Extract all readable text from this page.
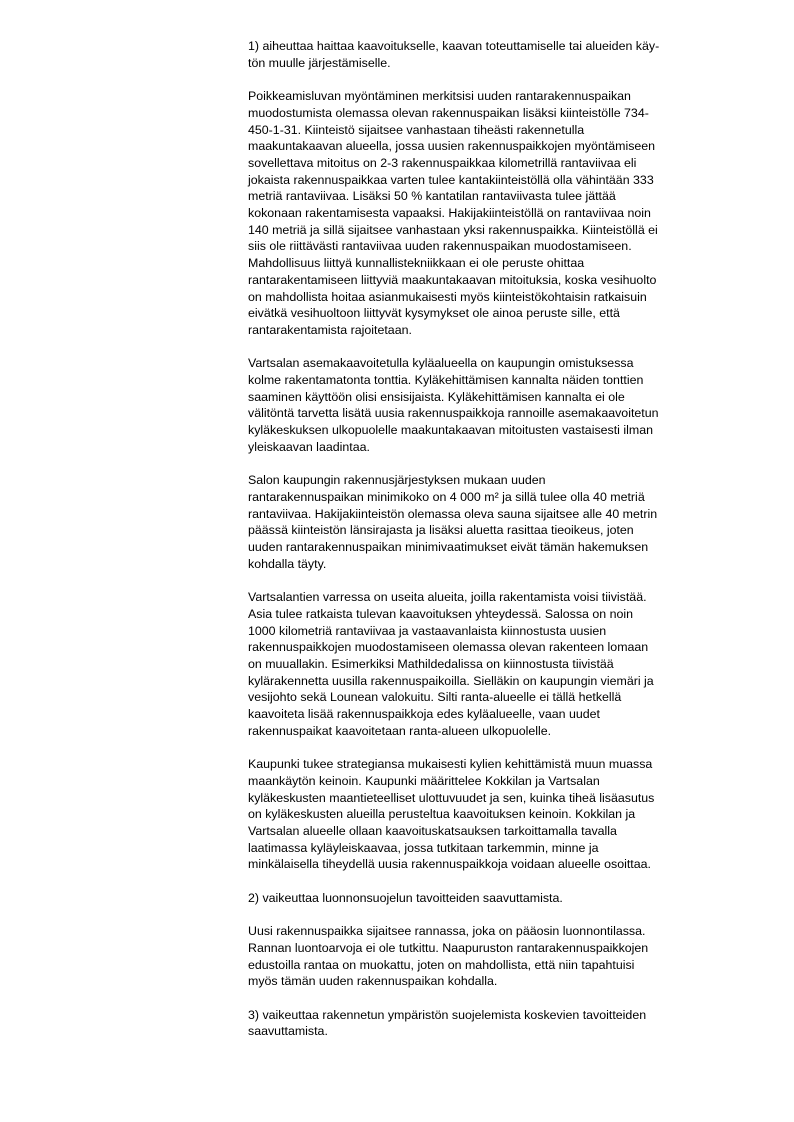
1) aiheuttaa haittaa kaavoitukselle, kaavan toteuttamiselle tai alueiden käy-
tön muulle järjestämiselle.

Poikkeamisluvan myöntäminen merkitsisi uuden rantarakennuspaikan
muodostumista olemassa olevan rakennuspaikan lisäksi kiinteistölle 734-
450-1-31. Kiinteistö sijaitsee vanhastaan tiheästi rakennetulla
maakuntakaavan alueella, jossa uusien rakennuspaikkojen myöntämiseen
sovellettava mitoitus on 2-3 rakennuspaikkaa kilometrillä rantaviivaa eli
jokaista rakennuspaikkaa varten tulee kantakiinteistöllä olla vähintään 333
metriä rantaviivaa. Lisäksi 50 % kantatilan rantaviivasta tulee jättää
kokonaan rakentamisesta vapaaksi. Hakijakiinteistöllä on rantaviivaa noin
140 metriä ja sillä sijaitsee vanhastaan yksi rakennuspaikka. Kiinteistöllä ei
siis ole riittävästi rantaviivaa uuden rakennuspaikan muodostamiseen.
Mahdollisuus liittyä kunnallistekniikkaan ei ole peruste ohittaa
rantarakentamiseen liittyviä maakuntakaavan mitoituksia, koska vesihuolto
on mahdollista hoitaa asianmukaisesti myös kiinteistökohtaisin ratkaisuin
eivätkä vesihuoltoon liittyvät kysymykset ole ainoa peruste sille, että
rantarakentamista rajoitetaan.

Vartsalan asemakaavoitetulla kyläalueella on kaupungin omistuksessa
kolme rakentamatonta tonttia. Kyläkehittämisen kannalta näiden tonttien
saaminen käyttöön olisi ensisijaista. Kyläkehittämisen kannalta ei ole
välitöntä tarvetta lisätä uusia rakennuspaikkoja rannoille asemakaavoitetun
kyläkeskuksen ulkopuolelle maakuntakaavan mitoitusten vastaisesti ilman
yleiskaavan laadintaa.

Salon kaupungin rakennusjärjestyksen mukaan uuden
rantarakennuspaikan minimikoko on 4 000 m² ja sillä tulee olla 40 metriä
rantaviivaa. Hakijakiinteistön olemassa oleva sauna sijaitsee alle 40 metrin
päässä kiinteistön länsirajasta ja lisäksi aluetta rasittaa tieoikeus, joten
uuden rantarakennuspaikan minimivaatimukset eivät tämän hakemuksen
kohdalla täyty.

Vartsalantien varressa on useita alueita, joilla rakentamista voisi tiivistää.
Asia tulee ratkaista tulevan kaavoituksen yhteydessä. Salossa on noin
1000 kilometriä rantaviivaa ja vastaavanlaista kiinnostusta uusien
rakennuspaikkojen muodostamiseen olemassa olevan rakenteen lomaan
on muuallakin. Esimerkiksi Mathildedalissa on kiinnostusta tiivistää
kylärakennetta uusilla rakennuspaikoilla. Sielläkin on kaupungin viemäri ja
vesijohto sekä Lounean valokuitu. Silti ranta-alueelle ei tällä hetkellä
kaavoiteta lisää rakennuspaikkoja edes kyläalueelle, vaan uudet
rakennuspaikat kaavoitetaan ranta-alueen ulkopuolelle.

Kaupunki tukee strategiansa mukaisesti kylien kehittämistä muun muassa
maankäytön keinoin. Kaupunki määrittelee Kokkilan ja Vartsalan
kyläkeskusten maantieteelliset ulottuvuudet ja sen, kuinka tiheä lisäasutus
on kyläkeskusten alueilla perusteltua kaavoituksen keinoin. Kokkilan ja
Vartsalan alueelle ollaan kaavoituskatsauksen tarkoittamalla tavalla
laatimassa kyläyleiskaavaa, jossa tutkitaan tarkemmin, minne ja
minkälaisella tiheydellä uusia rakennuspaikkoja voidaan alueelle osoittaa.

2) vaikeuttaa luonnonsuojelun tavoitteiden saavuttamista.

Uusi rakennuspaikka sijaitsee rannassa, joka on pääosin luonnontilassa.
Rannan luontoarvoja ei ole tutkittu. Naapuruston rantarakennuspaikkojen
edustoilla rantaa on muokattu, joten on mahdollista, että niin tapahtuisi
myös tämän uuden rakennuspaikan kohdalla.

3) vaikeuttaa rakennetun ympäristön suojelemista koskevien tavoitteiden
saavuttamista.
